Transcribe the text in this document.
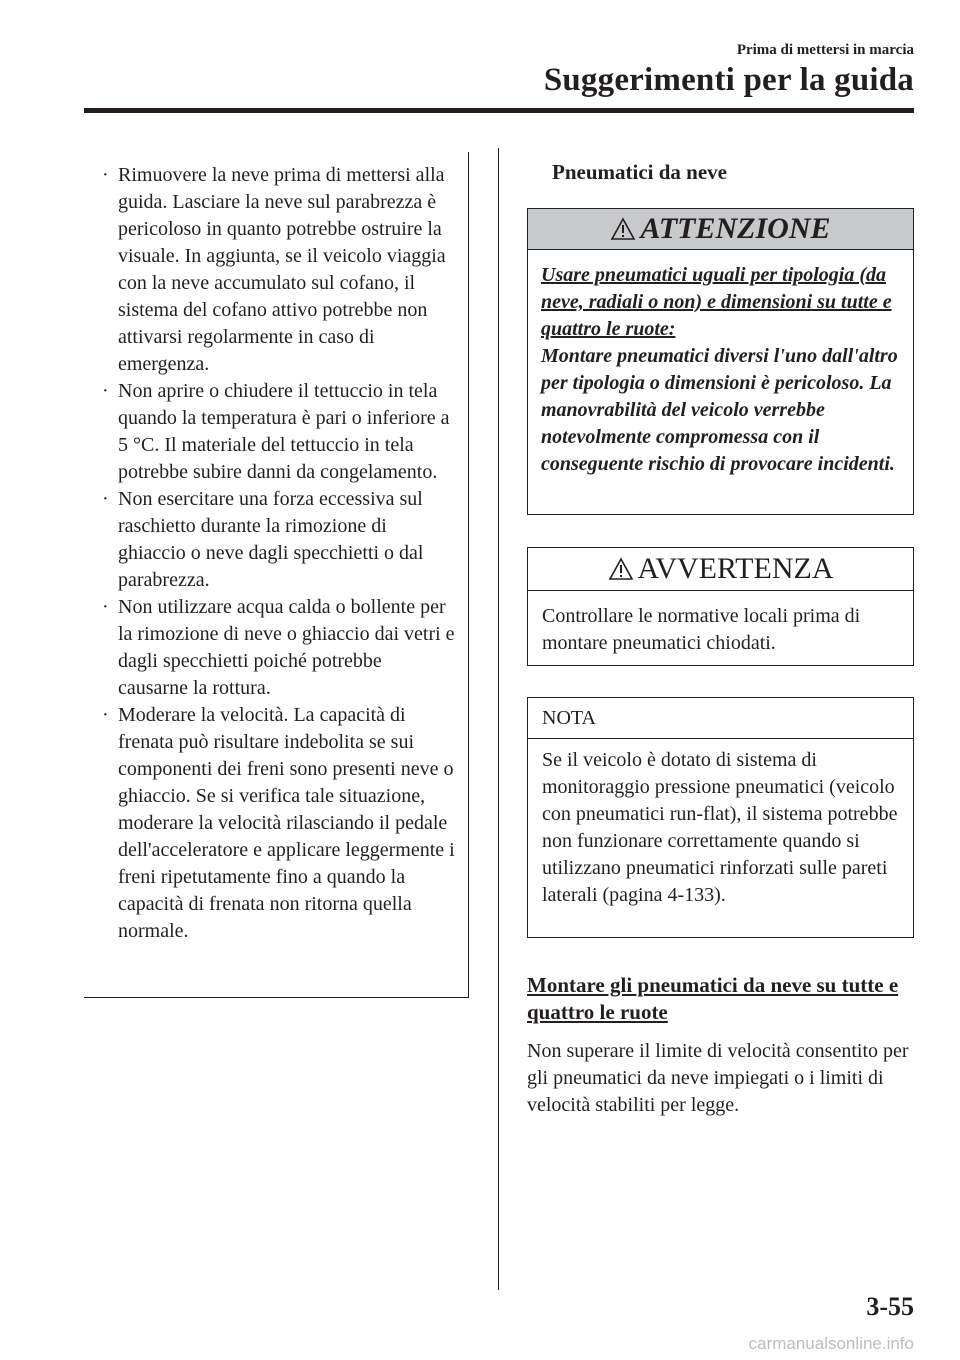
Prima di mettersi in marcia
Suggerimenti per la guida
· Rimuovere la neve prima di mettersi alla guida. Lasciare la neve sul parabrezza è pericoloso in quanto potrebbe ostruire la visuale. In aggiunta, se il veicolo viaggia con la neve accumulato sul cofano, il sistema del cofano attivo potrebbe non attivarsi regolarmente in caso di emergenza.
· Non aprire o chiudere il tettuccio in tela quando la temperatura è pari o inferiore a 5 °C. Il materiale del tettuccio in tela potrebbe subire danni da congelamento.
· Non esercitare una forza eccessiva sul raschietto durante la rimozione di ghiaccio o neve dagli specchietti o dal parabrezza.
· Non utilizzare acqua calda o bollente per la rimozione di neve o ghiaccio dai vetri e dagli specchietti poiché potrebbe causarne la rottura.
· Moderare la velocità. La capacità di frenata può risultare indebolita se sui componenti dei freni sono presenti neve o ghiaccio. Se si verifica tale situazione, moderare la velocità rilasciando il pedale dell'acceleratore e applicare leggermente i freni ripetutamente fino a quando la capacità di frenata non ritorna quella normale.
Pneumatici da neve
ATTENZIONE
Usare pneumatici uguali per tipologia (da neve, radiali o non) e dimensioni su tutte e quattro le ruote:
Montare pneumatici diversi l'uno dall'altro per tipologia o dimensioni è pericoloso. La manovrabilità del veicolo verrebbe notevolmente compromessa con il conseguente rischio di provocare incidenti.
AVVERTENZA
Controllare le normative locali prima di montare pneumatici chiodati.
NOTA
Se il veicolo è dotato di sistema di monitoraggio pressione pneumatici (veicolo con pneumatici run-flat), il sistema potrebbe non funzionare correttamente quando si utilizzano pneumatici rinforzati sulle pareti laterali (pagina 4-133).
Montare gli pneumatici da neve su tutte e quattro le ruote
Non superare il limite di velocità consentito per gli pneumatici da neve impiegati o i limiti di velocità stabiliti per legge.
3-55
carmanualsonline.info
